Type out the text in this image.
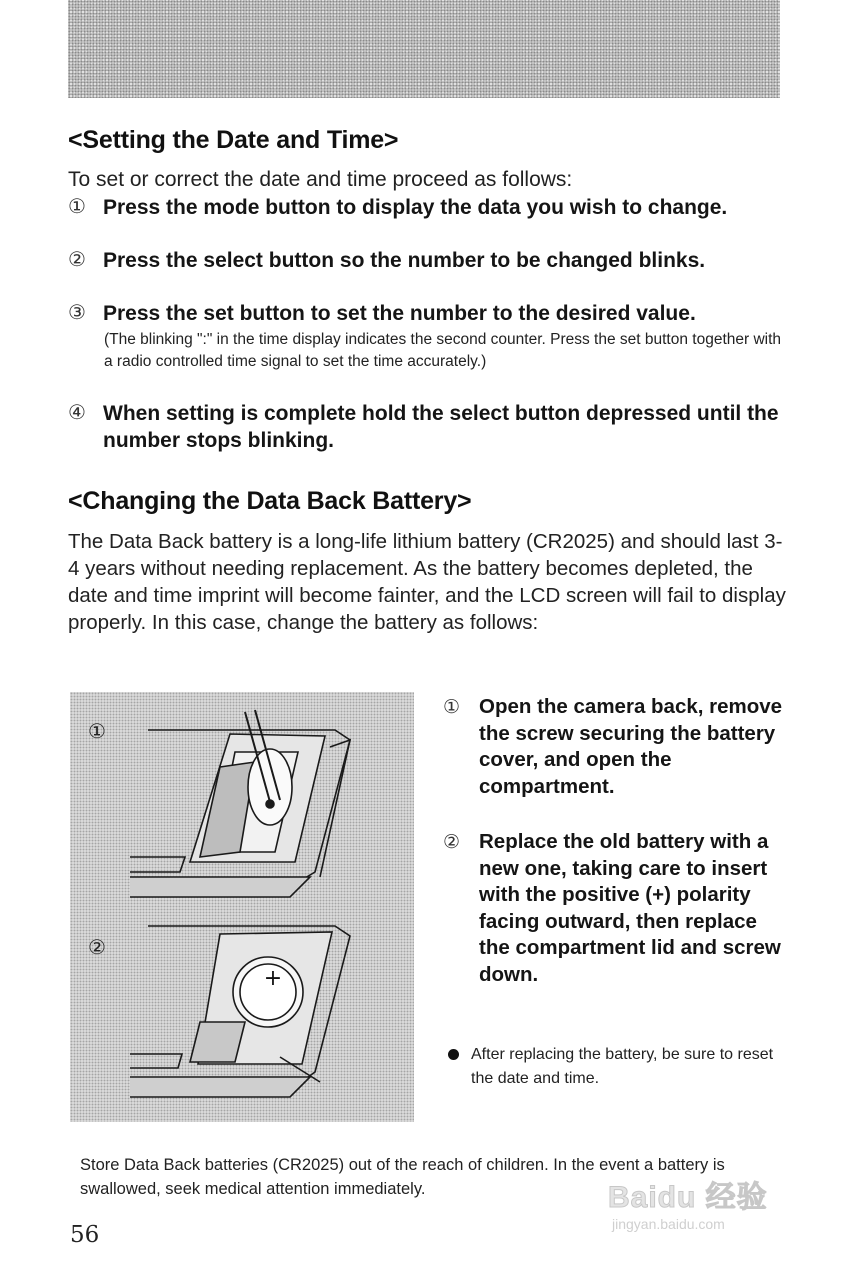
<Setting the Date and Time>

To set or correct the date and time proceed as follows:

① Press the mode button to display the data you wish to change.
② Press the select button so the number to be changed blinks.
③ Press the set button to set the number to the desired value.

(The blinking ":" in the time display indicates the second counter. Press the set button together with a radio controlled time signal to set the time accurately.)

④ When setting is complete hold the select button depressed until the number stops blinking.
<Changing the Data Back Battery>

The Data Back battery is a long-life lithium battery (CR2025) and should last 3-4 years without needing replacement. As the battery becomes depleted, the date and time imprint will become fainter, and the LCD screen will fail to display properly. In this case, change the battery as follows:

+
①
②
① Open the camera back, remove the screw securing the battery cover, and open the compartment.
② Replace the old battery with a new one, taking care to insert with the positive (+) polarity facing outward, then replace the compartment lid and screw down.
After replacing the battery, be sure to reset the date and time.

Store Data Back batteries (CR2025) out of the reach of children. In the event a battery is swallowed, seek medical attention immediately.

56
Baidu 经验
jingyan.baidu.com
